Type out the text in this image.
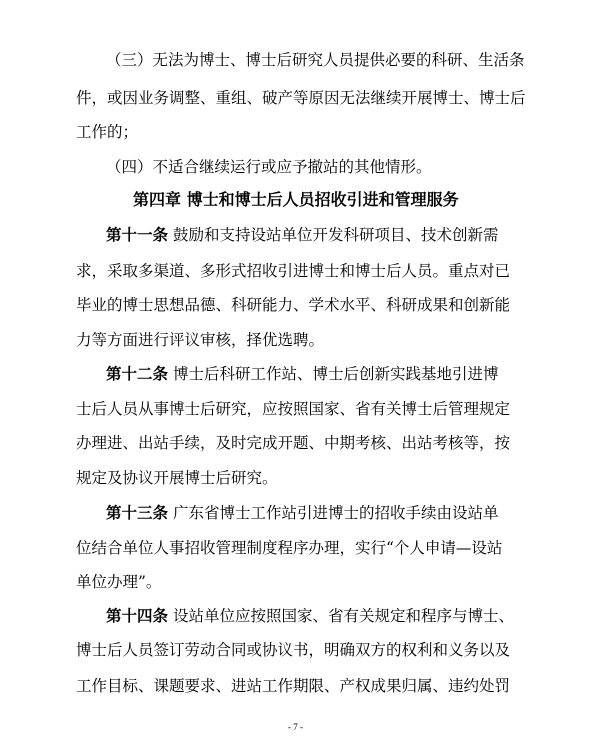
（三）无法为博士、博士后研究人员提供必要的科研、生活条
件，或因业务调整、重组、破产等原因无法继续开展博士、博士后
工作的；
（四）不适合继续运行或应予撤站的其他情形。
第四章 博士和博士后人员招收引进和管理服务
第十一条 鼓励和支持设站单位开发科研项目、技术创新需
求，采取多渠道、多形式招收引进博士和博士后人员。重点对已
毕业的博士思想品德、科研能力、学术水平、科研成果和创新能
力等方面进行评议审核，择优选聘。
第十二条 博士后科研工作站、博士后创新实践基地引进博
士后人员从事博士后研究，应按照国家、省有关博士后管理规定
办理进、出站手续，及时完成开题、中期考核、出站考核等，按
规定及协议开展博士后研究。
第十三条 广东省博士工作站引进博士的招收手续由设站单
位结合单位人事招收管理制度程序办理，实行“个人申请—设站
单位办理”。
第十四条 设站单位应按照国家、省有关规定和程序与博士、
博士后人员签订劳动合同或协议书，明确双方的权利和义务以及
工作目标、课题要求、进站工作期限、产权成果归属、违约处罚
- 7 -
